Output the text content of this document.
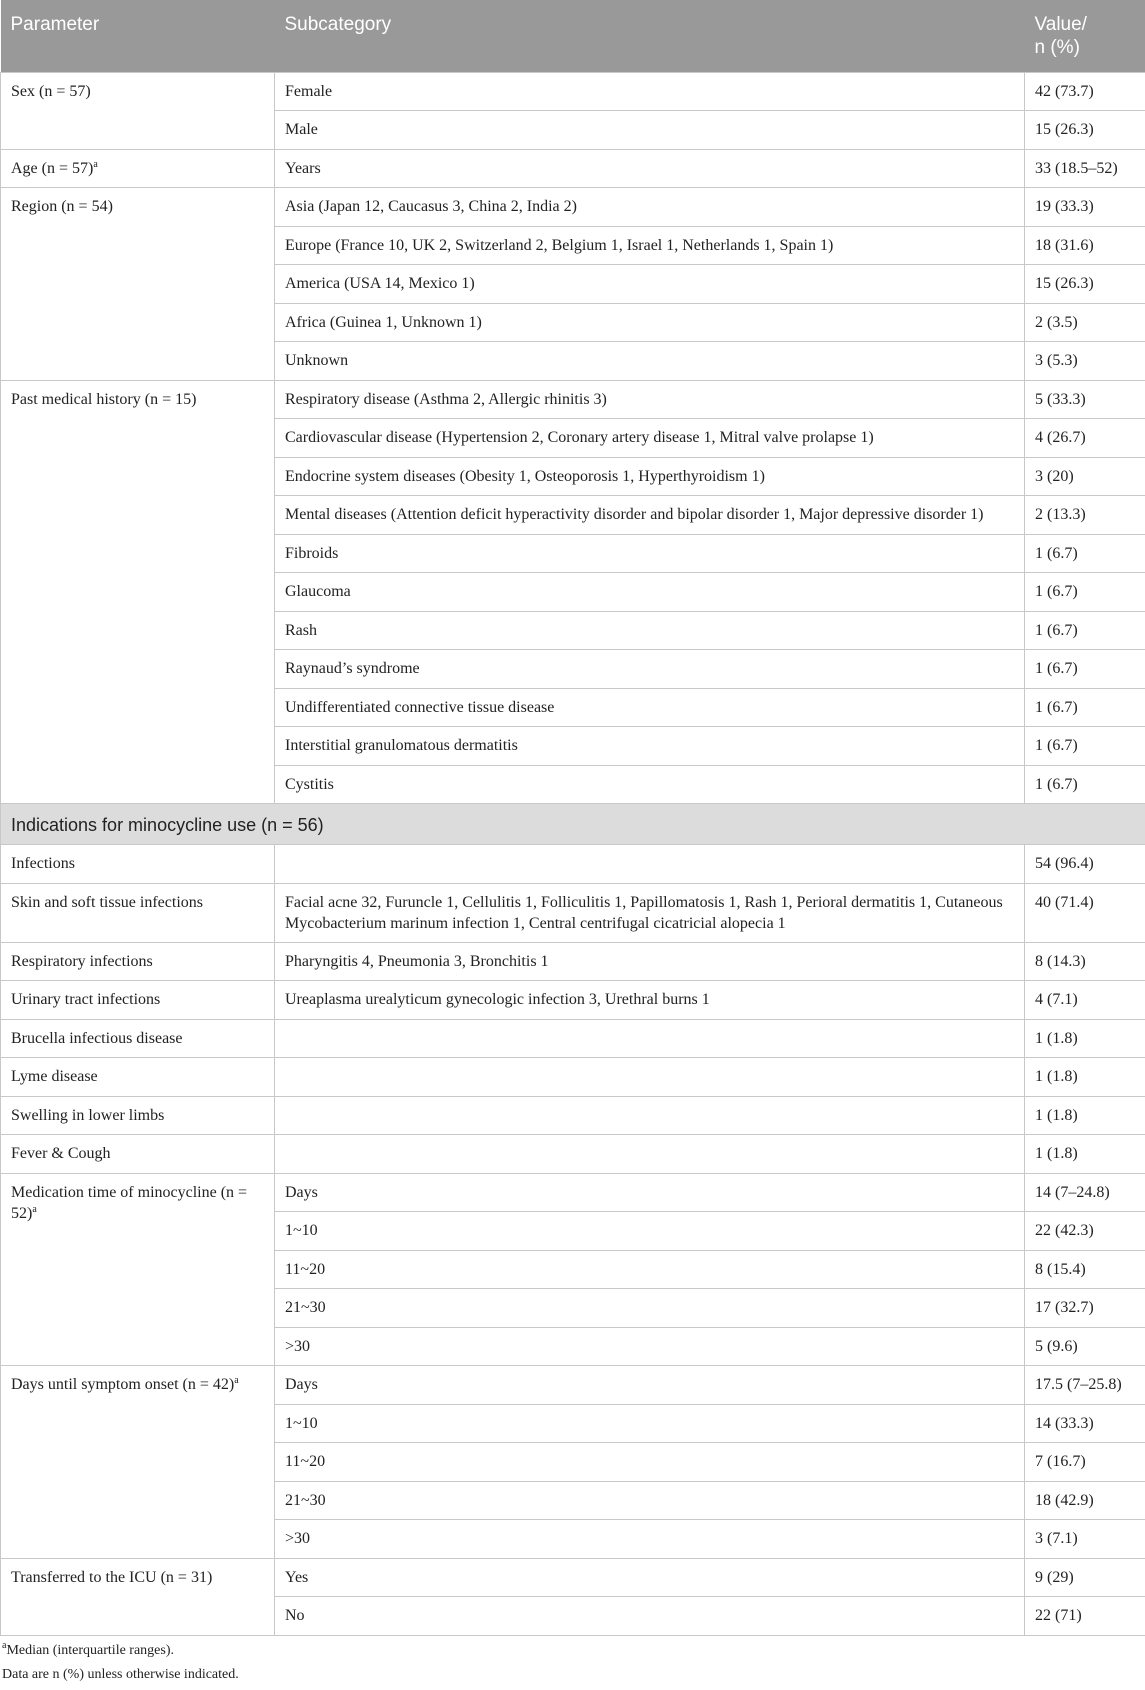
Parameter	Subcategory	Value/
n (%)
Sex (n = 57)	Female	42 (73.7)
	Male	15 (26.3)
Age (n = 57)$^a$	Years	33 (18.5–52)
Region (n = 54)	Asia (Japan 12, Caucasus 3, China 2, India 2)	19 (33.3)
	Europe (France 10, UK 2, Switzerland 2, Belgium 1, Israel 1, Netherlands 1, Spain 1)	18 (31.6)
	America (USA 14, Mexico 1)	15 (26.3)
	Africa (Guinea 1, Unknown 1)	2 (3.5)
	Unknown	3 (5.3)
Past medical history (n = 15)	Respiratory disease (Asthma 2, Allergic rhinitis 3)	5 (33.3)
	Cardiovascular disease (Hypertension 2, Coronary artery disease 1, Mitral valve prolapse 1)	4 (26.7)
	Endocrine system diseases (Obesity 1, Osteoporosis 1, Hyperthyroidism 1)	3 (20)
	Mental diseases (Attention deficit hyperactivity disorder and bipolar disorder 1, Major depressive disorder 1)	2 (13.3)
	Fibroids	1 (6.7)
	Glaucoma	1 (6.7)
	Rash	1 (6.7)
	Raynaud’s syndrome	1 (6.7)
	Undifferentiated connective tissue disease	1 (6.7)
	Interstitial granulomatous dermatitis	1 (6.7)
	Cystitis	1 (6.7)
Indications for minocycline use (n = 56)		
Infections		54 (96.4)
Skin and soft tissue infections	Facial acne 32, Furuncle 1, Cellulitis 1, Folliculitis 1, Papillomatosis 1, Rash 1, Perioral dermatitis 1, Cutaneous Mycobacterium marinum infection 1, Central centrifugal cicatricial alopecia 1	40 (71.4)
Respiratory infections	Pharyngitis 4, Pneumonia 3, Bronchitis 1	8 (14.3)
Urinary tract infections	Ureaplasma urealyticum gynecologic infection 3, Urethral burns 1	4 (7.1)
Brucella infectious disease		1 (1.8)
Lyme disease		1 (1.8)
Swelling in lower limbs		1 (1.8)
Fever & Cough		1 (1.8)
Medication time of minocycline (n = 52)$^a$	Days	14 (7–24.8)
	1~10	22 (42.3)
	11~20	8 (15.4)
	21~30	17 (32.7)
	>30	5 (9.6)
Days until symptom onset (n = 42)$^a$	Days	17.5 (7–25.8)
	1~10	14 (33.3)
	11~20	7 (16.7)
	21~30	18 (42.9)
	>30	3 (7.1)
Transferred to the ICU (n = 31)	Yes	9 (29)
	No	22 (71)
$^a$Median (interquartile ranges).
Data are n (%) unless otherwise indicated.
